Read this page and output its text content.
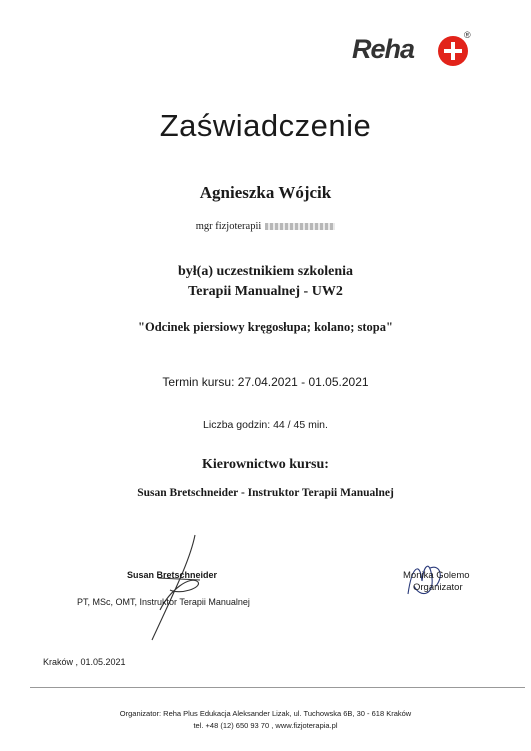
Reha	®
Zaświadczenie
Agnieszka Wójcik
mgr fizjoterapii
był(a) uczestnikiem szkolenia
Terapii Manualnej - UW2
"Odcinek piersiowy kręgosłupa; kolano; stopa"
Termin kursu: 27.04.2021 - 01.05.2021
Liczba godzin: 44 / 45 min.
Kierownictwo kursu:
Susan Bretschneider - Instruktor Terapii Manualnej
Susan Bretschneider
PT, MSc, OMT, Instruktor Terapii Manualnej
Monika Golemo
Organizator
Kraków , 01.05.2021
Organizator: Reha Plus Edukacja Aleksander Lizak, ul. Tuchowska 6B, 30 - 618 Kraków
tel. +48 (12) 650 93 70 , www.fizjoterapia.pl
